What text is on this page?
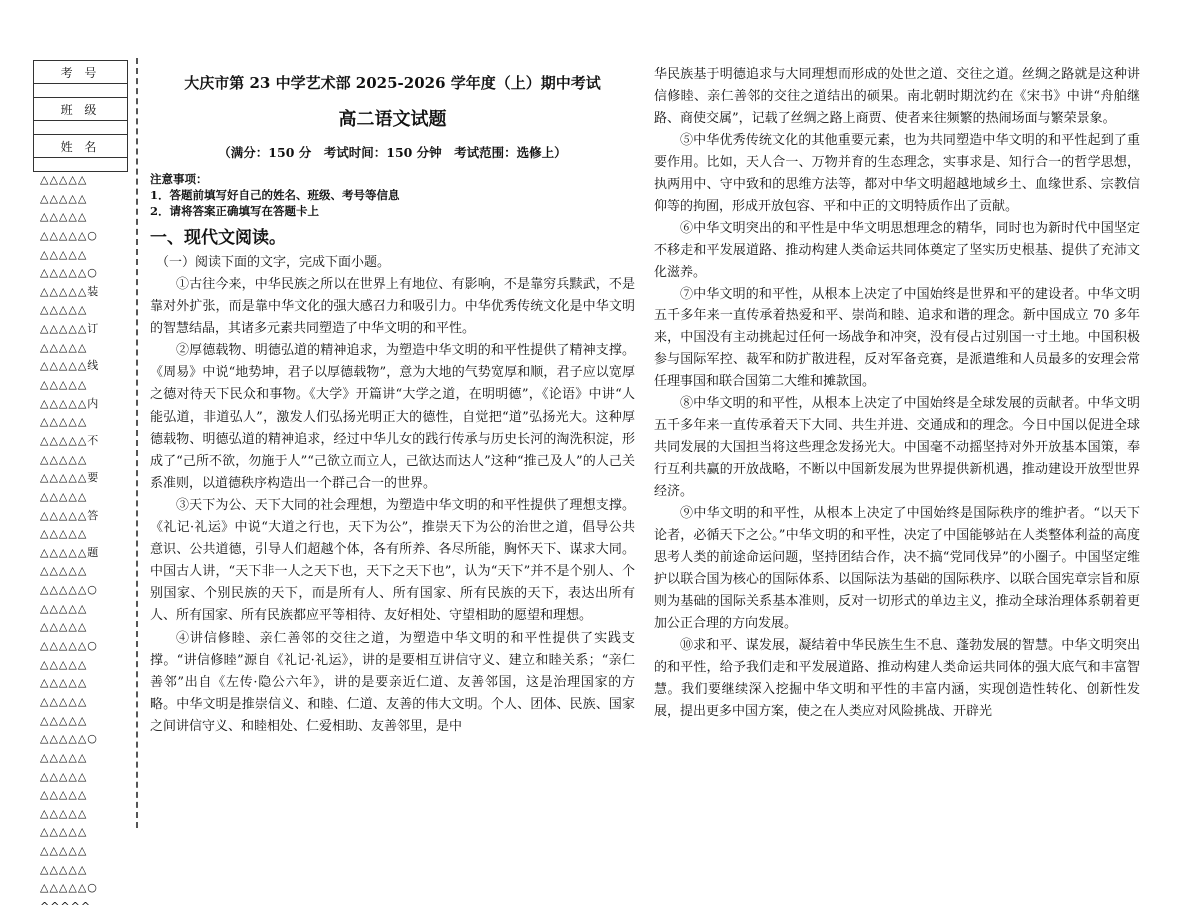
考 号
班 级
姓 名
△△△△△
△△△△△
△△△△△
△△△△△○
△△△△△
△△△△△○
△△△△△装
△△△△△
△△△△△订
△△△△△
△△△△△线
△△△△△
△△△△△内
△△△△△
△△△△△不
△△△△△
△△△△△要
△△△△△
△△△△△答
△△△△△
△△△△△题
△△△△△
△△△△△○
△△△△△
△△△△△
△△△△△○
△△△△△
△△△△△
△△△△△
△△△△△
△△△△△○
△△△△△
△△△△△
△△△△△
△△△△△
△△△△△
△△△△△
△△△△△
△△△△△○
^^^^^
大庆市第 23 中学艺术部 2025-2026 学年度（上）期中考试
高二语文试题
（满分：150 分　考试时间：150 分钟　考试范围：选修上）
注意事项：
1．答题前填写好自己的姓名、班级、考号等信息
2．请将答案正确填写在答题卡上
一、现代文阅读。
（一）阅读下面的文字，完成下面小题。

①古往今来，中华民族之所以在世界上有地位、有影响，不是靠穷兵黩武，不是靠对外扩张，而是靠中华文化的强大感召力和吸引力。中华优秀传统文化是中华文明的智慧结晶，其诸多元素共同塑造了中华文明的和平性。

②厚德载物、明德弘道的精神追求，为塑造中华文明的和平性提供了精神支撑。《周易》中说“地势坤，君子以厚德载物”，意为大地的气势宽厚和顺，君子应以宽厚之德对待天下民众和事物。《大学》开篇讲“大学之道，在明明德”，《论语》中讲“人能弘道，非道弘人”，激发人们弘扬光明正大的德性，自觉把“道”弘扬光大。这种厚德载物、明德弘道的精神追求，经过中华儿女的践行传承与历史长河的淘洗积淀，形成了“己所不欲，勿施于人”“己欲立而立人，己欲达而达人”这种“推己及人”的人己关系准则，以道德秩序构造出一个群己合一的世界。

③天下为公、天下大同的社会理想，为塑造中华文明的和平性提供了理想支撑。《礼记·礼运》中说“大道之行也，天下为公”，推崇天下为公的治世之道，倡导公共意识、公共道德，引导人们超越个体，各有所养、各尽所能，胸怀天下、谋求大同。中国古人讲，“天下非一人之天下也，天下之天下也”，认为“天下”并不是个别人、个别国家、个别民族的天下，而是所有人、所有国家、所有民族的天下，表达出所有人、所有国家、所有民族都应平等相待、友好相处、守望相助的愿望和理想。

④讲信修睦、亲仁善邻的交往之道，为塑造中华文明的和平性提供了实践支撑。“讲信修睦”源自《礼记·礼运》，讲的是要相互讲信守义、建立和睦关系；“亲仁善邻”出自《左传·隐公六年》，讲的是要亲近仁道、友善邻国，这是治理国家的方略。中华文明是推崇信义、和睦、仁道、友善的伟大文明。个人、团体、民族、国家之间讲信守义、和睦相处、仁爱相助、友善邻里，是中

华民族基于明德追求与大同理想而形成的处世之道、交往之道。丝绸之路就是这种讲信修睦、亲仁善邻的交往之道结出的硕果。南北朝时期沈约在《宋书》中讲“舟舶继路、商使交属”，记载了丝绸之路上商贾、使者来往频繁的热闹场面与繁荣景象。

⑤中华优秀传统文化的其他重要元素，也为共同塑造中华文明的和平性起到了重要作用。比如，天人合一、万物并育的生态理念，实事求是、知行合一的哲学思想，执两用中、守中致和的思维方法等，都对中华文明超越地域乡土、血缘世系、宗教信仰等的拘囿，形成开放包容、平和中正的文明特质作出了贡献。

⑥中华文明突出的和平性是中华文明思想理念的精华，同时也为新时代中国坚定不移走和平发展道路、推动构建人类命运共同体奠定了坚实历史根基、提供了充沛文化滋养。

⑦中华文明的和平性，从根本上决定了中国始终是世界和平的建设者。中华文明五千多年来一直传承着热爱和平、崇尚和睦、追求和谐的理念。新中国成立 70 多年来，中国没有主动挑起过任何一场战争和冲突，没有侵占过别国一寸土地。中国积极参与国际军控、裁军和防扩散进程，反对军备竞赛，是派遣维和人员最多的安理会常任理事国和联合国第二大维和摊款国。

⑧中华文明的和平性，从根本上决定了中国始终是全球发展的贡献者。中华文明五千多年来一直传承着天下大同、共生并进、交通成和的理念。今日中国以促进全球共同发展的大国担当将这些理念发扬光大。中国毫不动摇坚持对外开放基本国策，奉行互利共赢的开放战略，不断以中国新发展为世界提供新机遇，推动建设开放型世界经济。

⑨中华文明的和平性，从根本上决定了中国始终是国际秩序的维护者。“以天下论者，必循天下之公。”中华文明的和平性，决定了中国能够站在人类整体利益的高度思考人类的前途命运问题，坚持团结合作，决不搞“党同伐异”的小圈子。中国坚定维护以联合国为核心的国际体系、以国际法为基础的国际秩序、以联合国宪章宗旨和原则为基础的国际关系基本准则，反对一切形式的单边主义，推动全球治理体系朝着更加公正合理的方向发展。

⑩求和平、谋发展，凝结着中华民族生生不息、蓬勃发展的智慧。中华文明突出的和平性，给予我们走和平发展道路、推动构建人类命运共同体的强大底气和丰富智慧。我们要继续深入挖掘中华文明和平性的丰富内涵，实现创造性转化、创新性发展，提出更多中国方案，使之在人类应对风险挑战、开辟光
